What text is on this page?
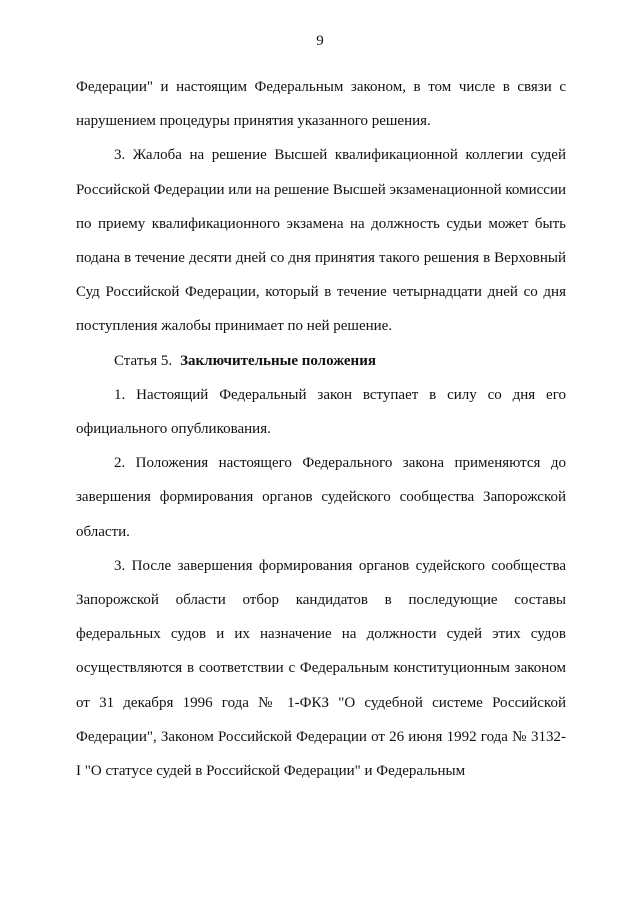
9

Федерации" и настоящим Федеральным законом, в том числе в связи с нарушением процедуры принятия указанного решения.

3. Жалоба на решение Высшей квалификационной коллегии судей Российской Федерации или на решение Высшей экзаменационной комиссии по приему квалификационного экзамена на должность судьи может быть подана в течение десяти дней со дня принятия такого решения в Верховный Суд Российской Федерации, который в течение четырнадцати дней со дня поступления жалобы принимает по ней решение.

Статья 5. Заключительные положения

1. Настоящий Федеральный закон вступает в силу со дня его официального опубликования.

2. Положения настоящего Федерального закона применяются до завершения формирования органов судейского сообщества Запорожской области.

3. После завершения формирования органов судейского сообщества Запорожской области отбор кандидатов в последующие составы федеральных судов и их назначение на должности судей этих судов осуществляются в соответствии с Федеральным конституционным законом от 31 декабря 1996 года № 1-ФКЗ "О судебной системе Российской Федерации", Законом Российской Федерации от 26 июня 1992 года № 3132-I "О статусе судей в Российской Федерации" и Федеральным
